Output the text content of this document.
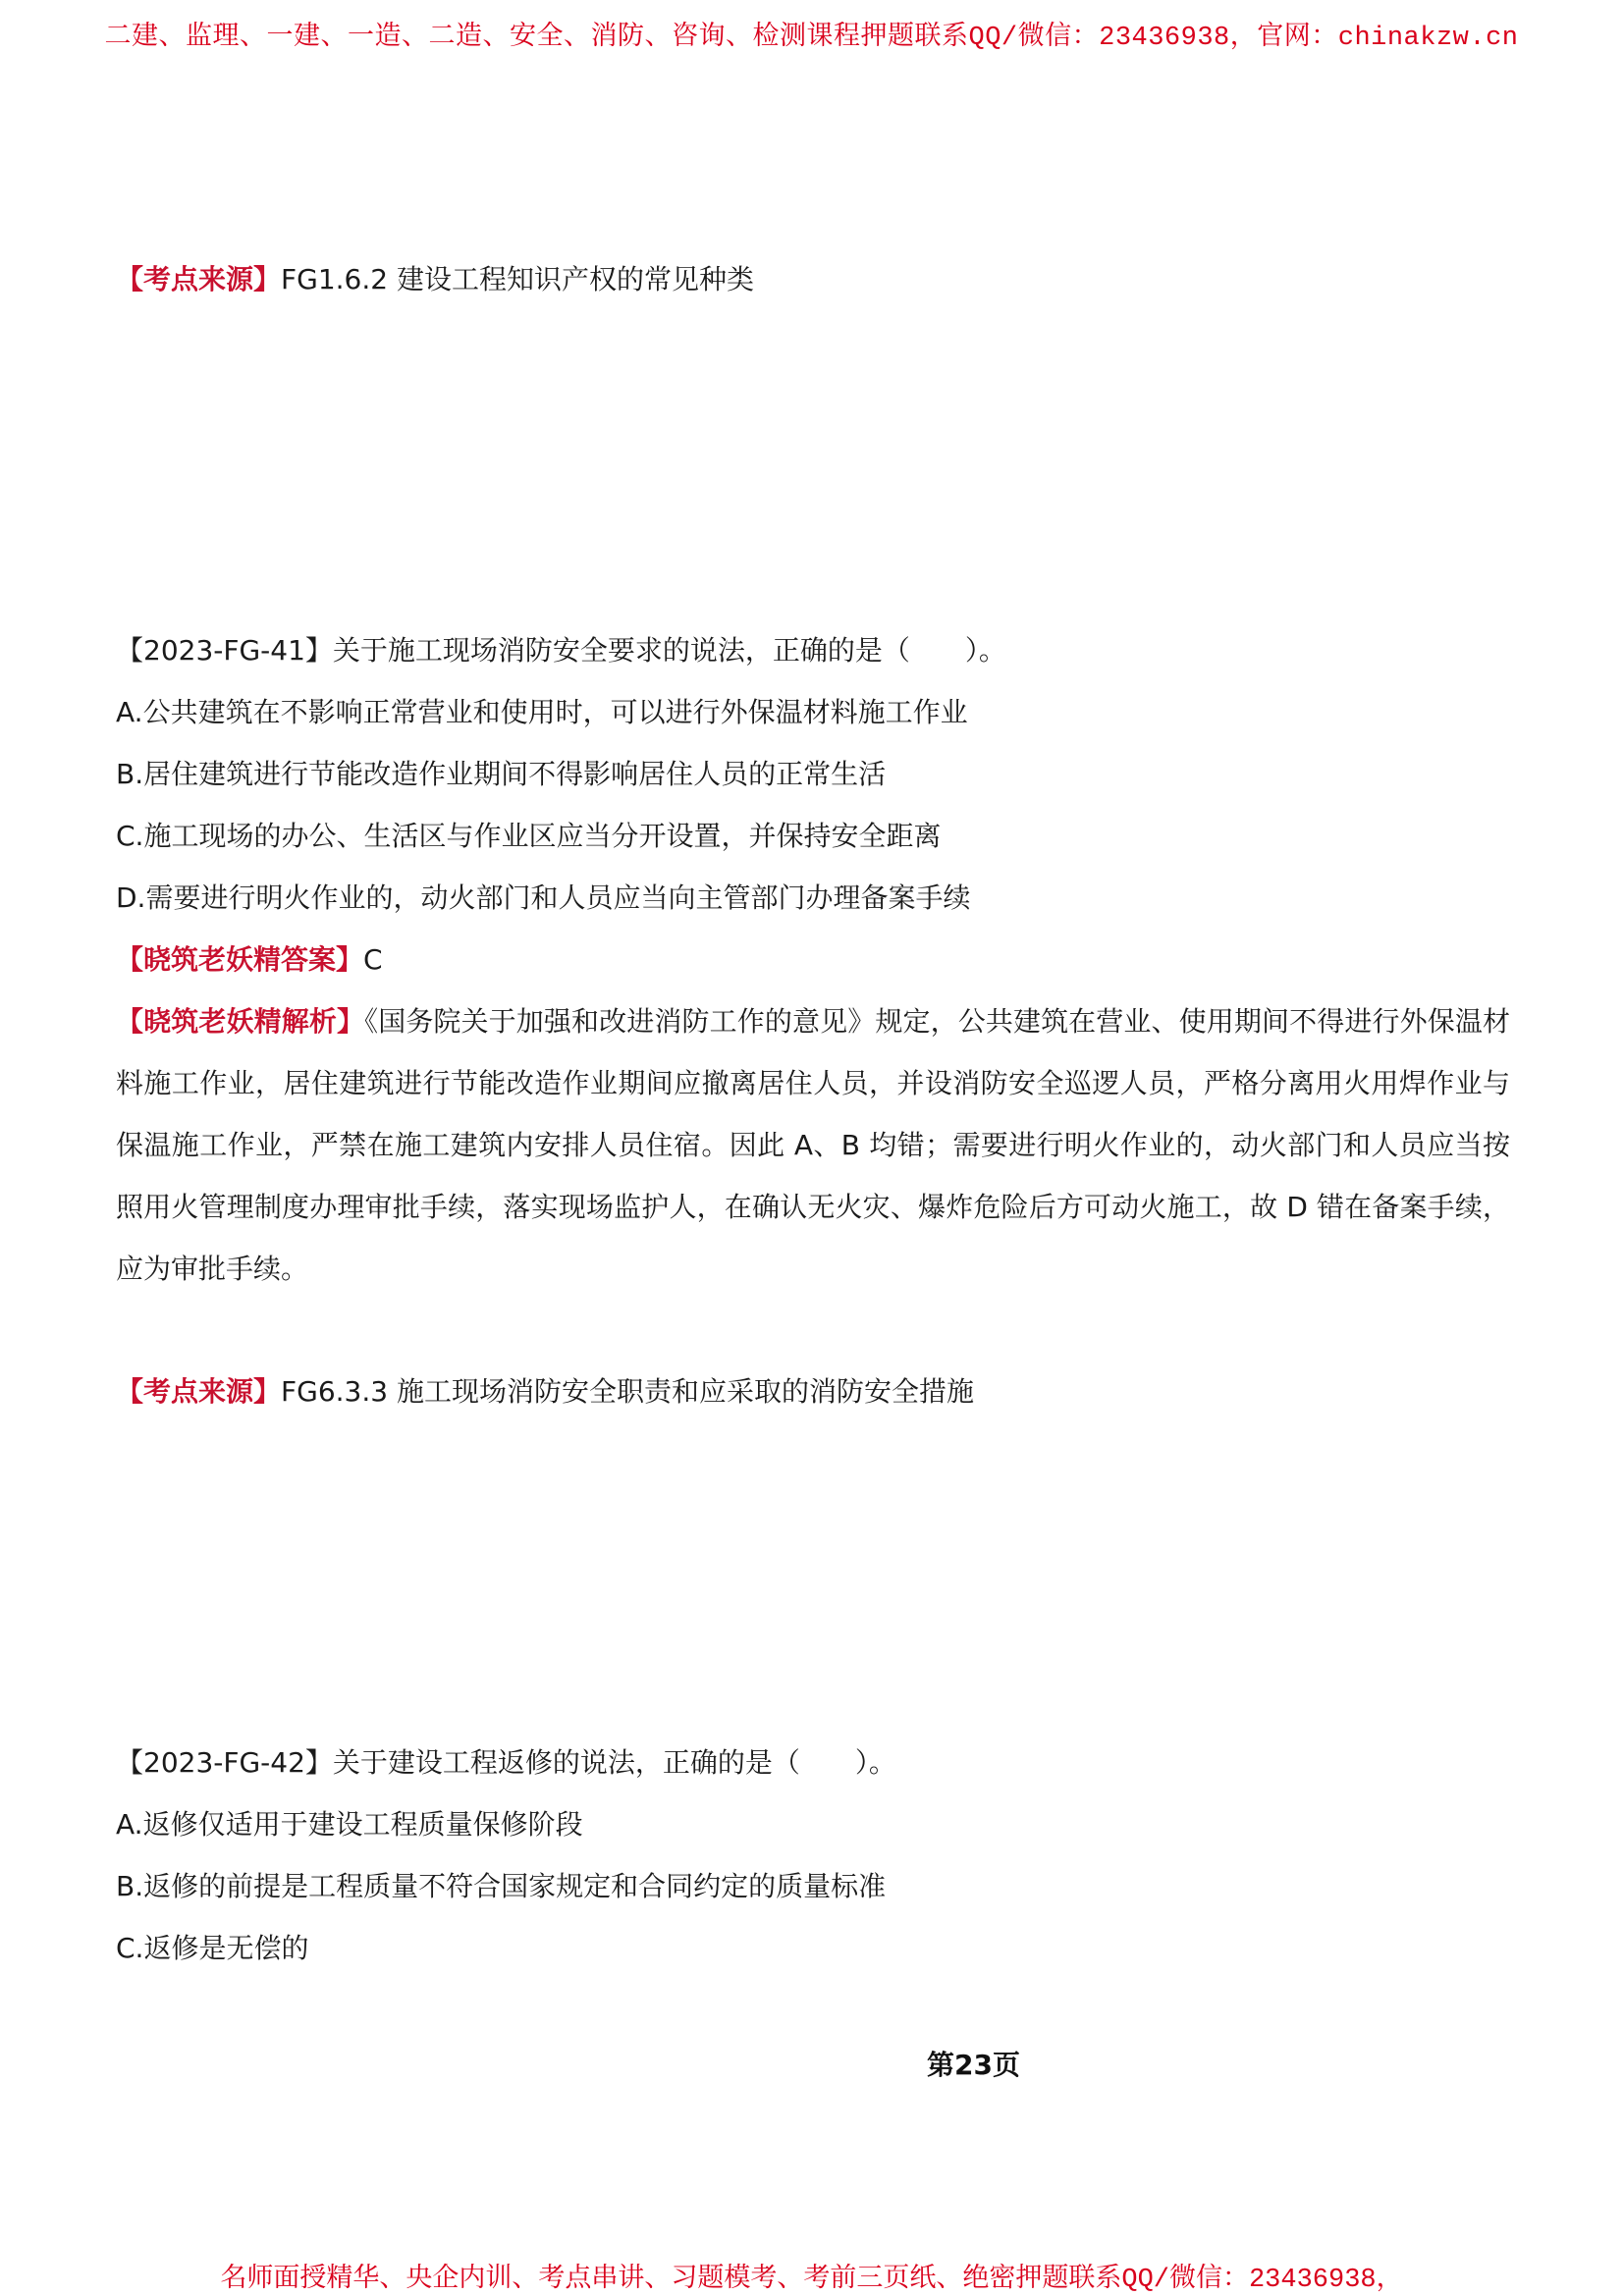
二建、监理、一建、一造、二造、安全、消防、咨询、检测课程押题联系QQ/微信：23436938，官网：chinakzw.cn
【考点来源】FG1.6.2 建设工程知识产权的常见种类
【2023-FG-41】关于施工现场消防安全要求的说法，正确的是（　　）。
A.公共建筑在不影响正常营业和使用时，可以进行外保温材料施工作业
B.居住建筑进行节能改造作业期间不得影响居住人员的正常生活
C.施工现场的办公、生活区与作业区应当分开设置，并保持安全距离
D.需要进行明火作业的，动火部门和人员应当向主管部门办理备案手续
【晓筑老妖精答案】C
【晓筑老妖精解析】《国务院关于加强和改进消防工作的意见》规定，公共建筑在营业、使用期间不得进行外保温材料施工作业，居住建筑进行节能改造作业期间应撤离居住人员，并设消防安全巡逻人员，严格分离用火用焊作业与保温施工作业，严禁在施工建筑内安排人员住宿。因此 A、B 均错；需要进行明火作业的，动火部门和人员应当按照用火管理制度办理审批手续，落实现场监护人，在确认无火灾、爆炸危险后方可动火施工，故 D 错在备案手续，应为审批手续。
【考点来源】FG6.3.3 施工现场消防安全职责和应采取的消防安全措施
【2023-FG-42】关于建设工程返修的说法，正确的是（　　）。
A.返修仅适用于建设工程质量保修阶段
B.返修的前提是工程质量不符合国家规定和合同约定的质量标准
C.返修是无偿的
第23页
名师面授精华、央企内训、考点串讲、习题模考、考前三页纸、绝密押题联系QQ/微信：23436938，
